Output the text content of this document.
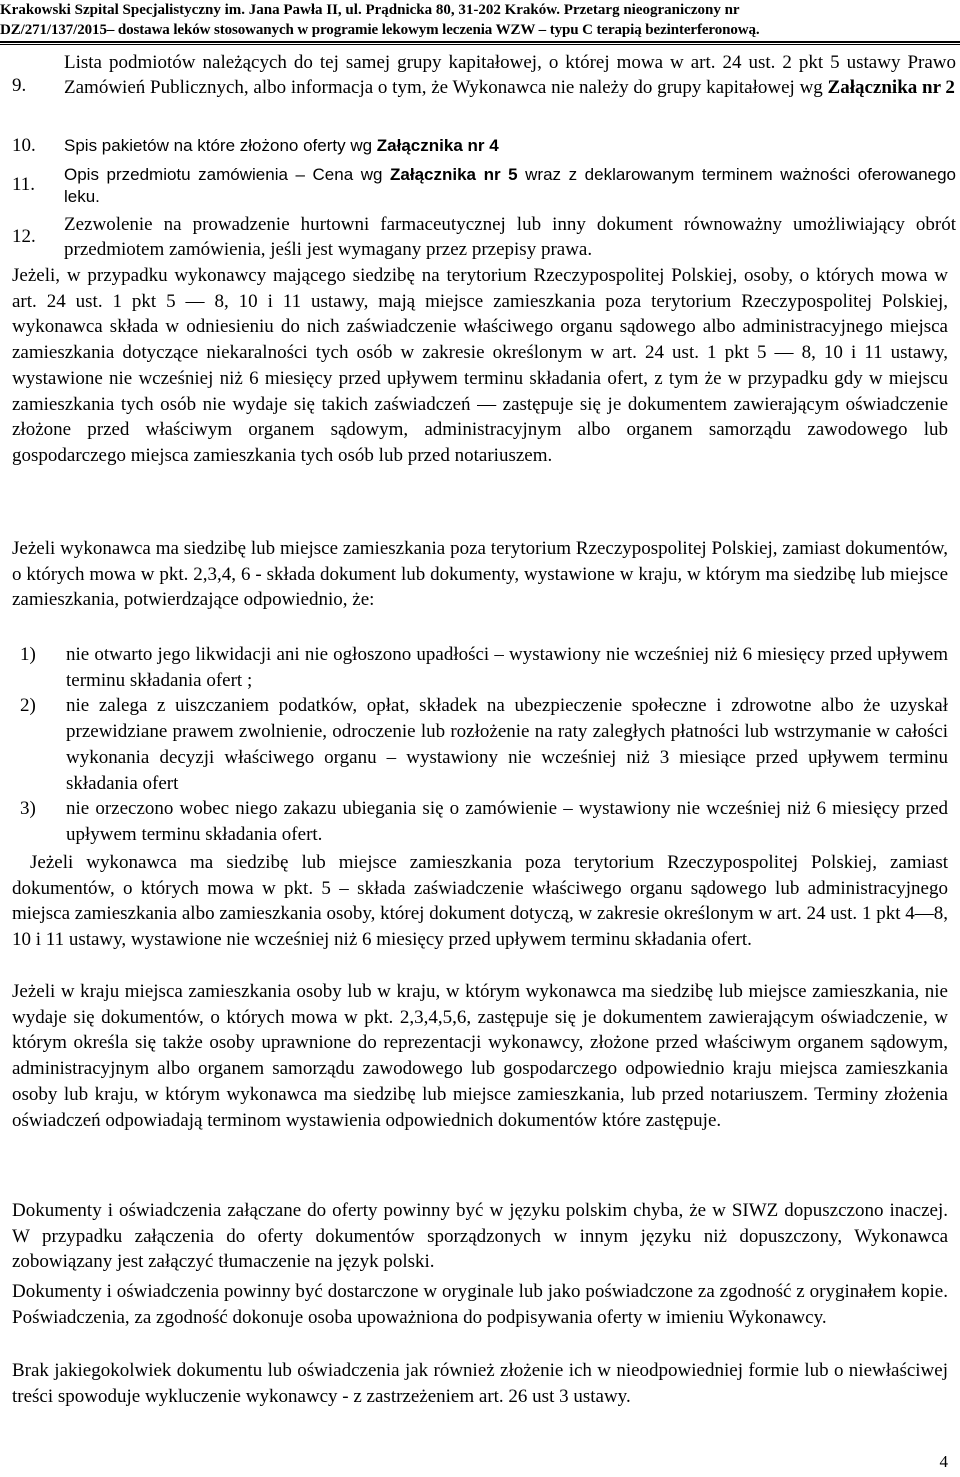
Krakowski Szpital Specjalistyczny im. Jana Pawła II, ul. Prądnicka 80, 31-202 Kraków. Przetarg nieograniczony nr
DZ/271/137/2015– dostawa leków stosowanych w programie lekowym leczenia WZW – typu C terapią bezinterferonową.
9.
Lista podmiotów należących do tej samej grupy kapitałowej, o której mowa w art. 24 ust. 2 pkt 5 ustawy Prawo Zamówień Publicznych, albo informacja o tym, że Wykonawca nie należy do grupy kapitałowej wg Załącznika nr 2
10. Spis pakietów na które złożono oferty wg Załącznika nr 4
11. Opis przedmiotu zamówienia – Cena wg Załącznika nr 5 wraz z deklarowanym terminem ważności oferowanego leku.
12.
Zezwolenie na prowadzenie hurtowni farmaceutycznej lub inny dokument równoważny umożliwiający obrót przedmiotem zamówienia, jeśli jest wymagany przez przepisy prawa.
Jeżeli, w przypadku wykonawcy mającego siedzibę na terytorium Rzeczypospolitej Polskiej, osoby, o których mowa w art. 24 ust. 1 pkt 5 — 8, 10 i 11 ustawy, mają miejsce zamieszkania poza terytorium Rzeczypospolitej Polskiej, wykonawca składa w odniesieniu do nich zaświadczenie właściwego organu sądowego albo administracyjnego miejsca zamieszkania dotyczące niekaralności tych osób w zakresie określonym w art. 24 ust. 1 pkt 5 — 8, 10 i 11 ustawy, wystawione nie wcześniej niż 6 miesięcy przed upływem terminu składania ofert, z tym że w przypadku gdy w miejscu zamieszkania tych osób nie wydaje się takich zaświadczeń — zastępuje się je dokumentem zawierającym oświadczenie złożone przed właściwym organem sądowym, administracyjnym albo organem samorządu zawodowego lub gospodarczego miejsca zamieszkania tych osób lub przed notariuszem.
Jeżeli wykonawca ma siedzibę lub miejsce zamieszkania poza terytorium Rzeczypospolitej Polskiej, zamiast dokumentów, o których mowa w pkt. 2,3,4, 6 - składa dokument lub dokumenty, wystawione w kraju, w którym ma siedzibę lub miejsce zamieszkania, potwierdzające odpowiednio, że:
1)	nie otwarto jego likwidacji ani nie ogłoszono upadłości – wystawiony nie wcześniej niż 6 miesięcy przed upływem terminu składania ofert ;
2)	nie zalega z uiszczaniem podatków, opłat, składek na ubezpieczenie społeczne i zdrowotne albo że uzyskał przewidziane prawem zwolnienie, odroczenie lub rozłożenie na raty zaległych płatności lub wstrzymanie w całości wykonania decyzji właściwego organu – wystawiony nie wcześniej niż 3 miesiące przed upływem terminu składania ofert
3)	nie orzeczono wobec niego zakazu ubiegania się o zamówienie – wystawiony nie wcześniej niż 6 miesięcy przed upływem terminu składania ofert.
Jeżeli wykonawca ma siedzibę lub miejsce zamieszkania poza terytorium Rzeczypospolitej Polskiej, zamiast dokumentów, o których mowa w pkt. 5 – składa zaświadczenie właściwego organu sądowego lub administracyjnego miejsca zamieszkania albo zamieszkania osoby, której dokument dotyczą, w zakresie określonym w art. 24 ust. 1 pkt 4—8, 10 i 11 ustawy, wystawione nie wcześniej niż 6 miesięcy przed upływem terminu składania ofert.
Jeżeli w kraju miejsca zamieszkania osoby lub w kraju, w którym wykonawca ma siedzibę lub miejsce zamieszkania, nie wydaje się dokumentów, o których mowa w pkt. 2,3,4,5,6, zastępuje się je dokumentem zawierającym oświadczenie, w którym określa się także osoby uprawnione do reprezentacji wykonawcy, złożone przed właściwym organem sądowym, administracyjnym albo organem samorządu zawodowego lub gospodarczego odpowiednio kraju miejsca zamieszkania osoby lub kraju, w którym wykonawca ma siedzibę lub miejsce zamieszkania, lub przed notariuszem. Terminy złożenia oświadczeń odpowiadają terminom wystawienia odpowiednich dokumentów które zastępuje.
Dokumenty i oświadczenia załączane do oferty powinny być w języku polskim chyba, że w SIWZ dopuszczono inaczej. W przypadku załączenia do oferty dokumentów sporządzonych w innym języku niż dopuszczony, Wykonawca zobowiązany jest załączyć tłumaczenie na język polski.
Dokumenty i oświadczenia powinny być dostarczone w oryginale lub jako poświadczone za zgodność z oryginałem kopie. Poświadczenia, za zgodność dokonuje osoba upoważniona do podpisywania oferty w imieniu Wykonawcy.
Brak jakiegokolwiek dokumentu lub oświadczenia jak również złożenie ich w nieodpowiedniej formie lub o niewłaściwej treści spowoduje wykluczenie wykonawcy - z zastrzeżeniem art. 26 ust 3 ustawy.
4
